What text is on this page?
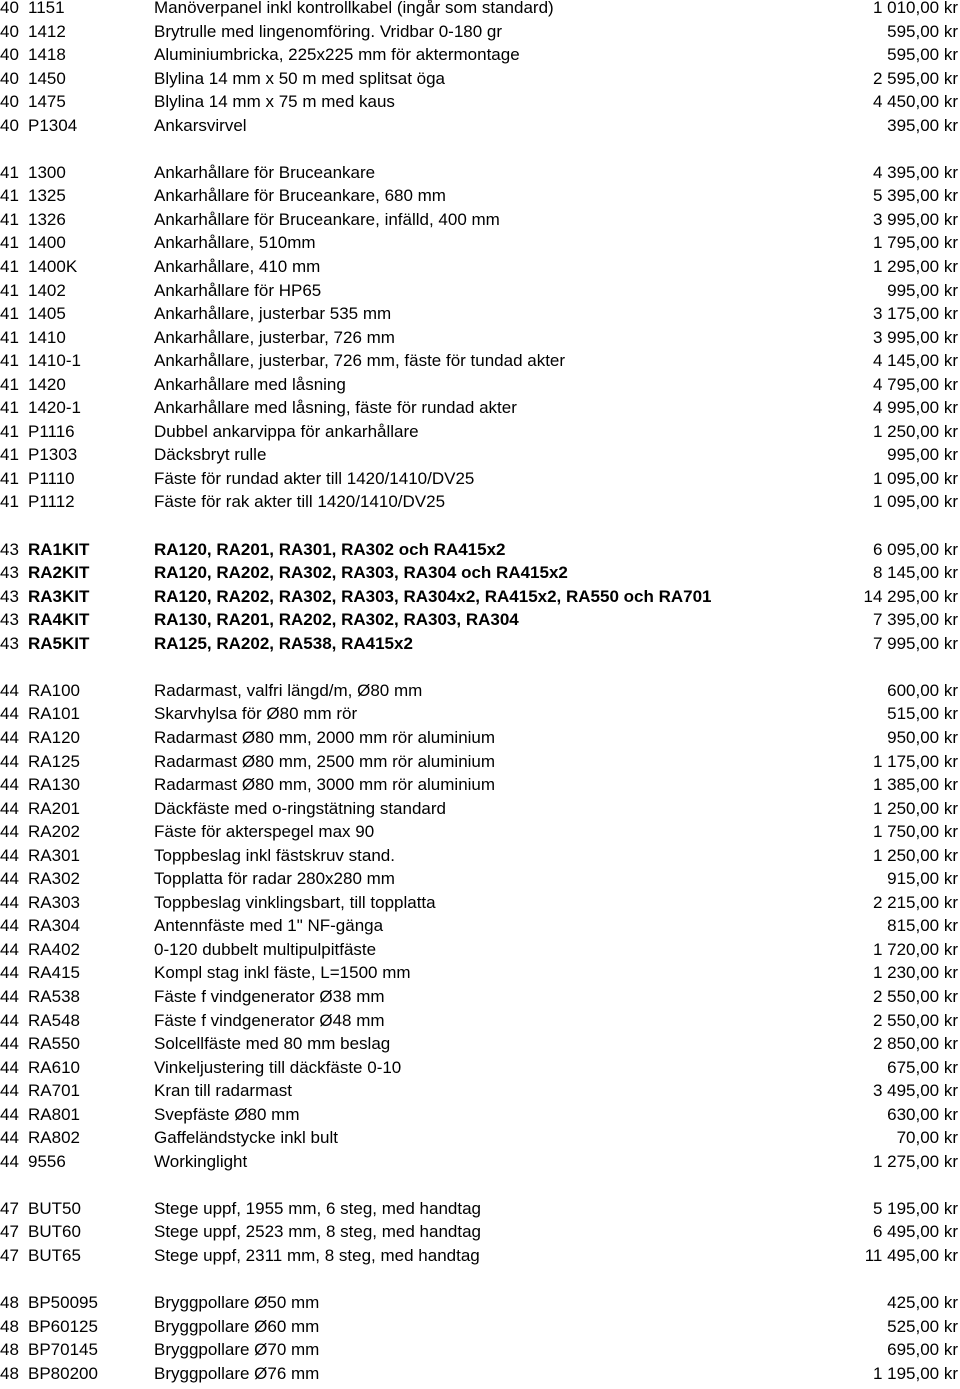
40 1151	Manöverpanel inkl kontrollkabel (ingår som standard)	1 010,00 kr
40 1412	Brytrulle med lingenomföring. Vridbar 0-180 gr	595,00 kr
40 1418	Aluminiumbricka, 225x225 mm för aktermontage	595,00 kr
40 1450	Blylina 14 mm x 50 m med splitsat öga	2 595,00 kr
40 1475	Blylina 14 mm x 75 m med kaus	4 450,00 kr
40 P1304	Ankarsvirvel	395,00 kr
41 1300	Ankarhållare för Bruceankare	4 395,00 kr
41 1325	Ankarhållare för Bruceankare, 680 mm	5 395,00 kr
41 1326	Ankarhållare för Bruceankare, infälld, 400 mm	3 995,00 kr
41 1400	Ankarhållare, 510mm	1 795,00 kr
41 1400K	Ankarhållare, 410 mm	1 295,00 kr
41 1402	Ankarhållare för HP65	995,00 kr
41 1405	Ankarhållare, justerbar 535 mm	3 175,00 kr
41 1410	Ankarhållare, justerbar, 726 mm	3 995,00 kr
41 1410-1	Ankarhållare, justerbar, 726 mm, fäste för tundad akter	4 145,00 kr
41 1420	Ankarhållare med låsning	4 795,00 kr
41 1420-1	Ankarhållare med låsning, fäste för rundad akter	4 995,00 kr
41 P1116	Dubbel ankarvippa för ankarhållare	1 250,00 kr
41 P1303	Däcksbryt rulle	995,00 kr
41 P1110	Fäste för rundad akter till 1420/1410/DV25	1 095,00 kr
41 P1112	Fäste för rak akter till 1420/1410/DV25	1 095,00 kr
43 RA1KIT	RA120, RA201, RA301, RA302 och RA415x2	6 095,00 kr
43 RA2KIT	RA120, RA202, RA302, RA303, RA304 och RA415x2	8 145,00 kr
43 RA3KIT	RA120, RA202, RA302, RA303, RA304x2, RA415x2, RA550 och RA701	14 295,00 kr
43 RA4KIT	RA130, RA201, RA202, RA302, RA303, RA304	7 395,00 kr
43 RA5KIT	RA125, RA202, RA538, RA415x2	7 995,00 kr
44 RA100	Radarmast, valfri längd/m, Ø80 mm	600,00 kr
44 RA101	Skarvhylsa för Ø80 mm rör	515,00 kr
44 RA120	Radarmast Ø80 mm, 2000 mm rör aluminium	950,00 kr
44 RA125	Radarmast Ø80 mm, 2500 mm rör aluminium	1 175,00 kr
44 RA130	Radarmast Ø80 mm, 3000 mm rör aluminium	1 385,00 kr
44 RA201	Däckfäste med o-ringstätning standard	1 250,00 kr
44 RA202	Fäste för akterspegel max 90	1 750,00 kr
44 RA301	Toppbeslag inkl fästskruv stand.	1 250,00 kr
44 RA302	Topplatta för radar 280x280 mm	915,00 kr
44 RA303	Toppbeslag vinklingsbart, till topplatta	2 215,00 kr
44 RA304	Antennfäste med 1" NF-gänga	815,00 kr
44 RA402	0-120 dubbelt multipulpitfäste	1 720,00 kr
44 RA415	Kompl stag inkl fäste, L=1500 mm	1 230,00 kr
44 RA538	Fäste f vindgenerator Ø38 mm	2 550,00 kr
44 RA548	Fäste f vindgenerator Ø48 mm	2 550,00 kr
44 RA550	Solcellfäste med 80 mm beslag	2 850,00 kr
44 RA610	Vinkeljustering till däckfäste 0-10	675,00 kr
44 RA701	Kran till radarmast	3 495,00 kr
44 RA801	Svepfäste Ø80 mm	630,00 kr
44 RA802	Gaffeländstycke inkl bult	70,00 kr
44 9556	Workinglight	1 275,00 kr
47 BUT50	Stege uppf, 1955 mm, 6 steg, med handtag	5 195,00 kr
47 BUT60	Stege uppf, 2523 mm, 8 steg, med handtag	6 495,00 kr
47 BUT65	Stege uppf, 2311 mm, 8 steg, med handtag	11 495,00 kr
48 BP50095	Bryggpollare Ø50 mm	425,00 kr
48 BP60125	Bryggpollare Ø60 mm	525,00 kr
48 BP70145	Bryggpollare Ø70 mm	695,00 kr
48 BP80200	Bryggpollare Ø76 mm	1 195,00 kr
